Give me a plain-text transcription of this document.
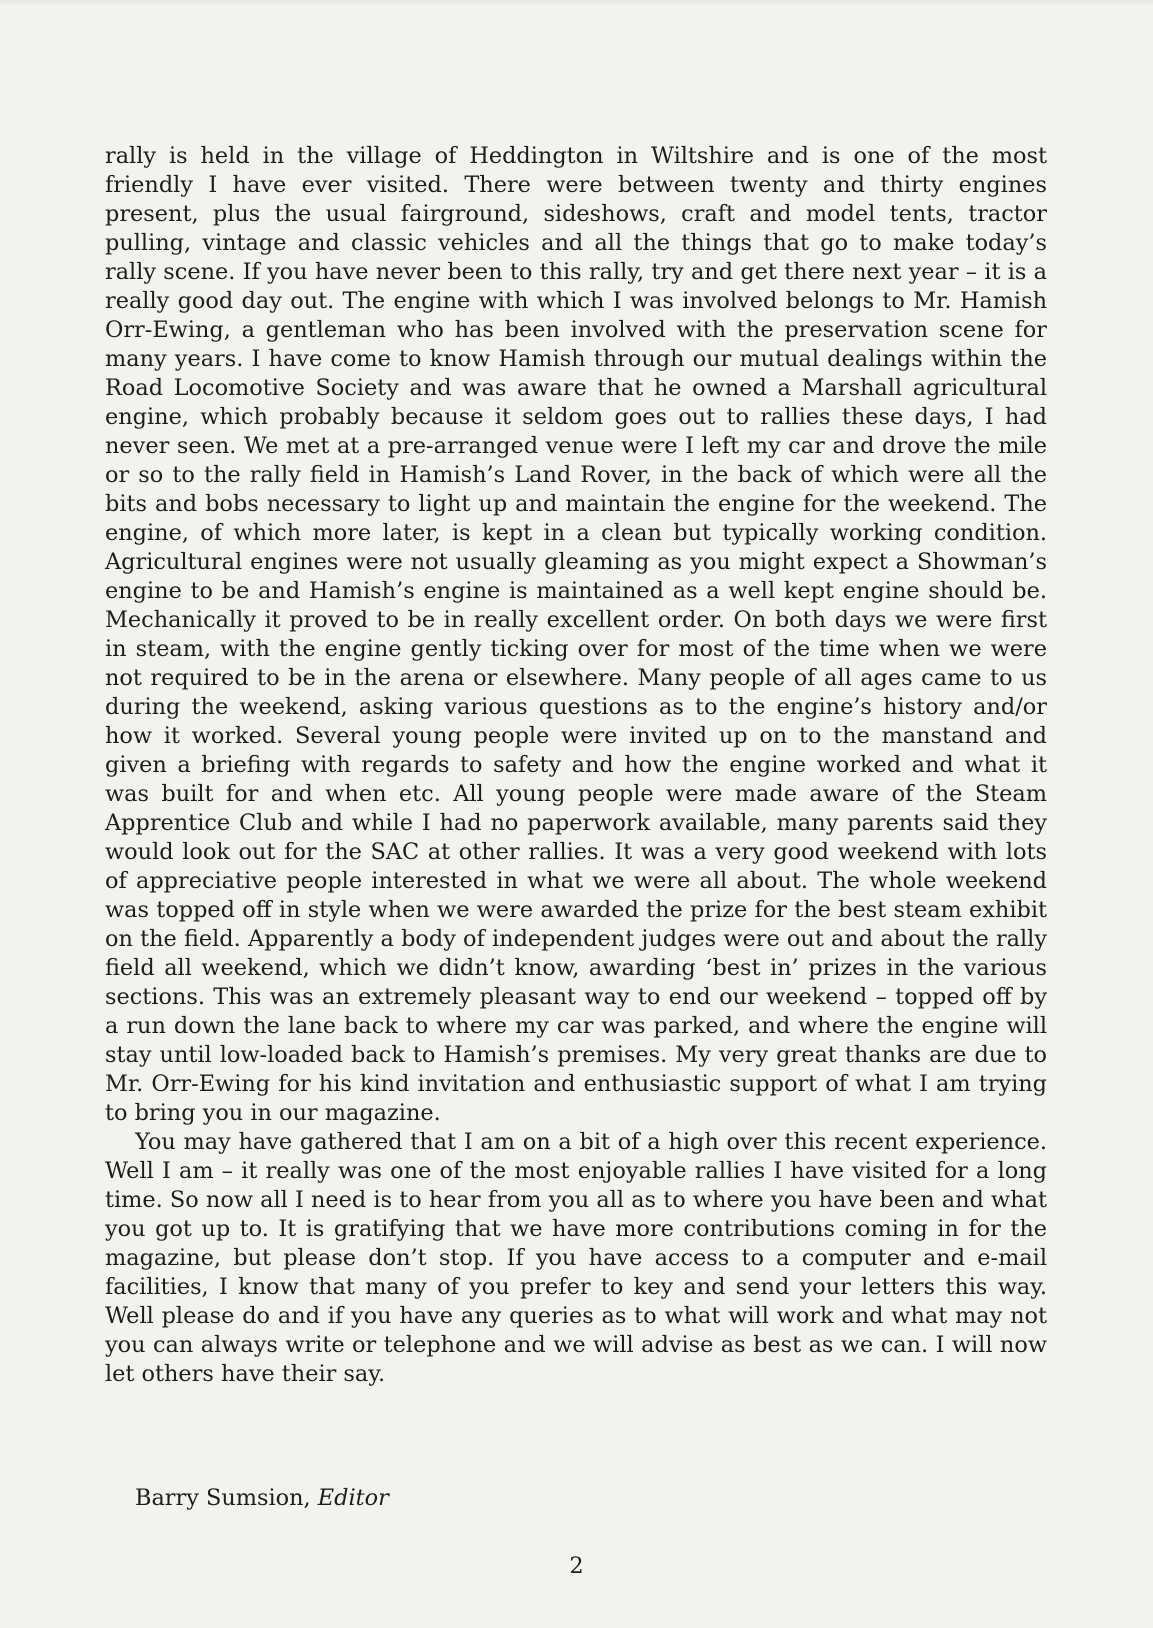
rally is held in the village of Heddington in Wiltshire and is one of the most friendly I have ever visited. There were between twenty and thirty engines present, plus the usual fairground, sideshows, craft and model tents, tractor pulling, vintage and classic vehicles and all the things that go to make today’s rally scene. If you have never been to this rally, try and get there next year – it is a really good day out. The engine with which I was involved belongs to Mr. Hamish Orr-Ewing, a gentleman who has been involved with the preservation scene for many years. I have come to know Hamish through our mutual dealings within the Road Locomotive Society and was aware that he owned a Marshall agricultural engine, which probably because it seldom goes out to rallies these days, I had never seen. We met at a pre-arranged venue were I left my car and drove the mile or so to the rally field in Hamish’s Land Rover, in the back of which were all the bits and bobs necessary to light up and maintain the engine for the weekend. The engine, of which more later, is kept in a clean but typically working condition. Agricultural engines were not usually gleaming as you might expect a Showman’s engine to be and Hamish’s engine is maintained as a well kept engine should be. Mechanically it proved to be in really excellent order. On both days we were first in steam, with the engine gently ticking over for most of the time when we were not required to be in the arena or elsewhere. Many people of all ages came to us during the weekend, asking various questions as to the engine’s history and/or how it worked. Several young people were invited up on to the manstand and given a briefing with regards to safety and how the engine worked and what it was built for and when etc. All young people were made aware of the Steam Apprentice Club and while I had no paperwork available, many parents said they would look out for the SAC at other rallies. It was a very good weekend with lots of appreciative people interested in what we were all about. The whole weekend was topped off in style when we were awarded the prize for the best steam exhibit on the field. Apparently a body of independent judges were out and about the rally field all weekend, which we didn’t know, awarding ‘best in’ prizes in the various sections. This was an extremely pleasant way to end our weekend – topped off by a run down the lane back to where my car was parked, and where the engine will stay until low-loaded back to Hamish’s premises. My very great thanks are due to Mr. Orr-Ewing for his kind invitation and enthusiastic support of what I am trying to bring you in our magazine.

You may have gathered that I am on a bit of a high over this recent experience. Well I am – it really was one of the most enjoyable rallies I have visited for a long time. So now all I need is to hear from you all as to where you have been and what you got up to. It is gratifying that we have more contributions coming in for the magazine, but please don’t stop. If you have access to a computer and e-mail facilities, I know that many of you prefer to key and send your letters this way. Well please do and if you have any queries as to what will work and what may not you can always write or telephone and we will advise as best as we can. I will now let others have their say.

Barry Sumsion, Editor
2
